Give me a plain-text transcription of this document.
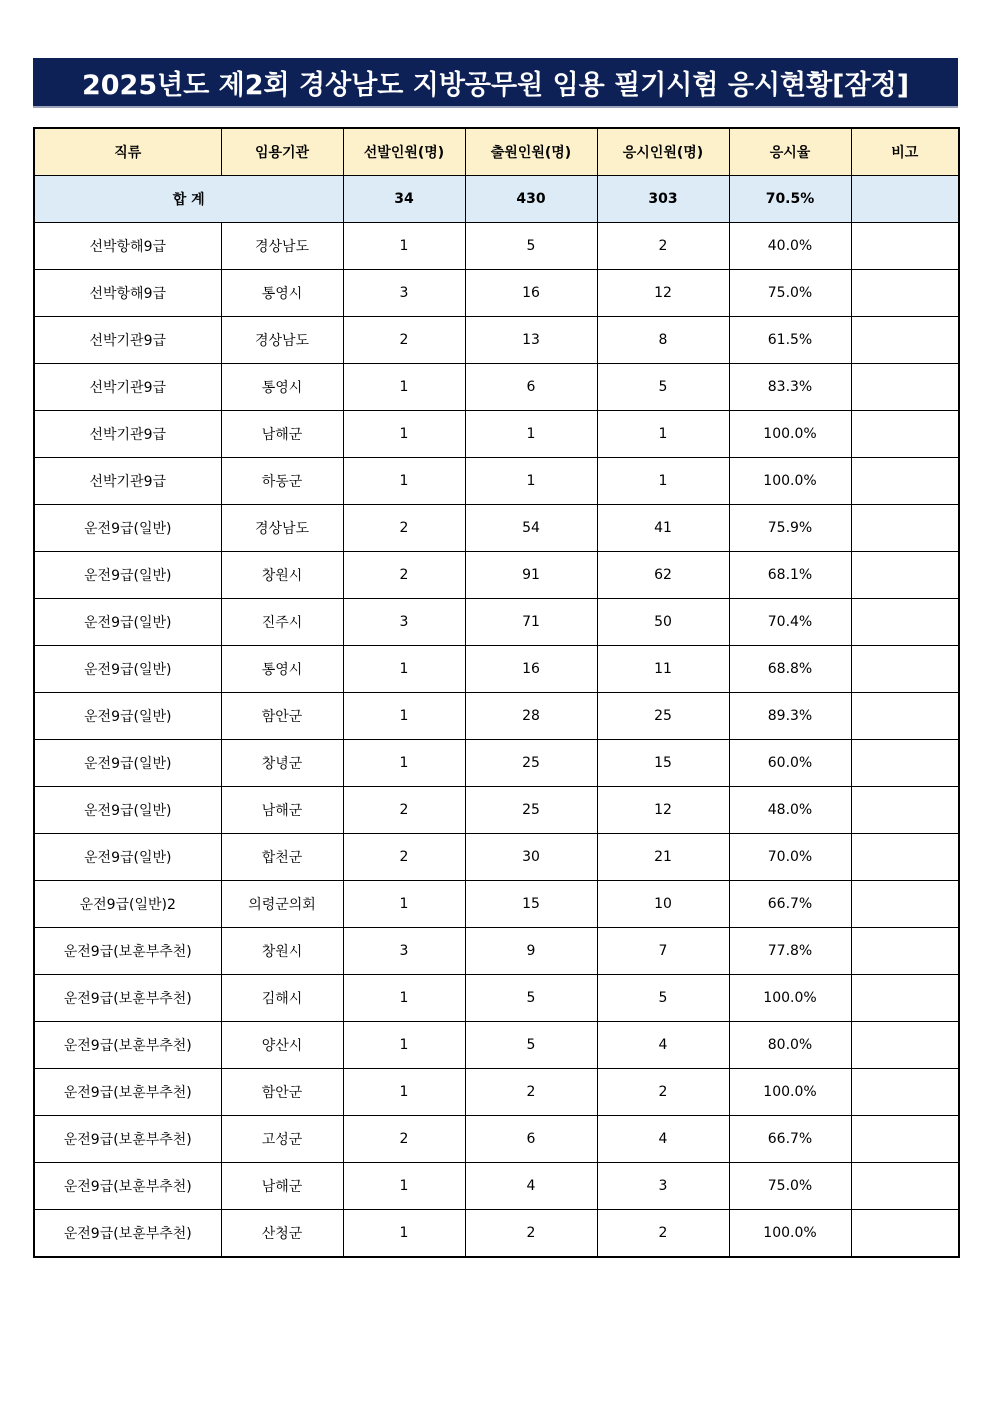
2025년도 제2회 경상남도 지방공무원 임용 필기시험 응시현황[잠정]
직류	임용기관	선발인원(명)	출원인원(명)	응시인원(명)	응시율	비고
합 계		34	430	303	70.5%	
선박항해9급	경상남도	1	5	2	40.0%	
선박항해9급	통영시	3	16	12	75.0%	
선박기관9급	경상남도	2	13	8	61.5%	
선박기관9급	통영시	1	6	5	83.3%	
선박기관9급	남해군	1	1	1	100.0%	
선박기관9급	하동군	1	1	1	100.0%	
운전9급(일반)	경상남도	2	54	41	75.9%	
운전9급(일반)	창원시	2	91	62	68.1%	
운전9급(일반)	진주시	3	71	50	70.4%	
운전9급(일반)	통영시	1	16	11	68.8%	
운전9급(일반)	함안군	1	28	25	89.3%	
운전9급(일반)	창녕군	1	25	15	60.0%	
운전9급(일반)	남해군	2	25	12	48.0%	
운전9급(일반)	합천군	2	30	21	70.0%	
운전9급(일반)2	의령군의회	1	15	10	66.7%	
운전9급(보훈부추천)	창원시	3	9	7	77.8%	
운전9급(보훈부추천)	김해시	1	5	5	100.0%	
운전9급(보훈부추천)	양산시	1	5	4	80.0%	
운전9급(보훈부추천)	함안군	1	2	2	100.0%	
운전9급(보훈부추천)	고성군	2	6	4	66.7%	
운전9급(보훈부추천)	남해군	1	4	3	75.0%	
운전9급(보훈부추천)	산청군	1	2	2	100.0%	
